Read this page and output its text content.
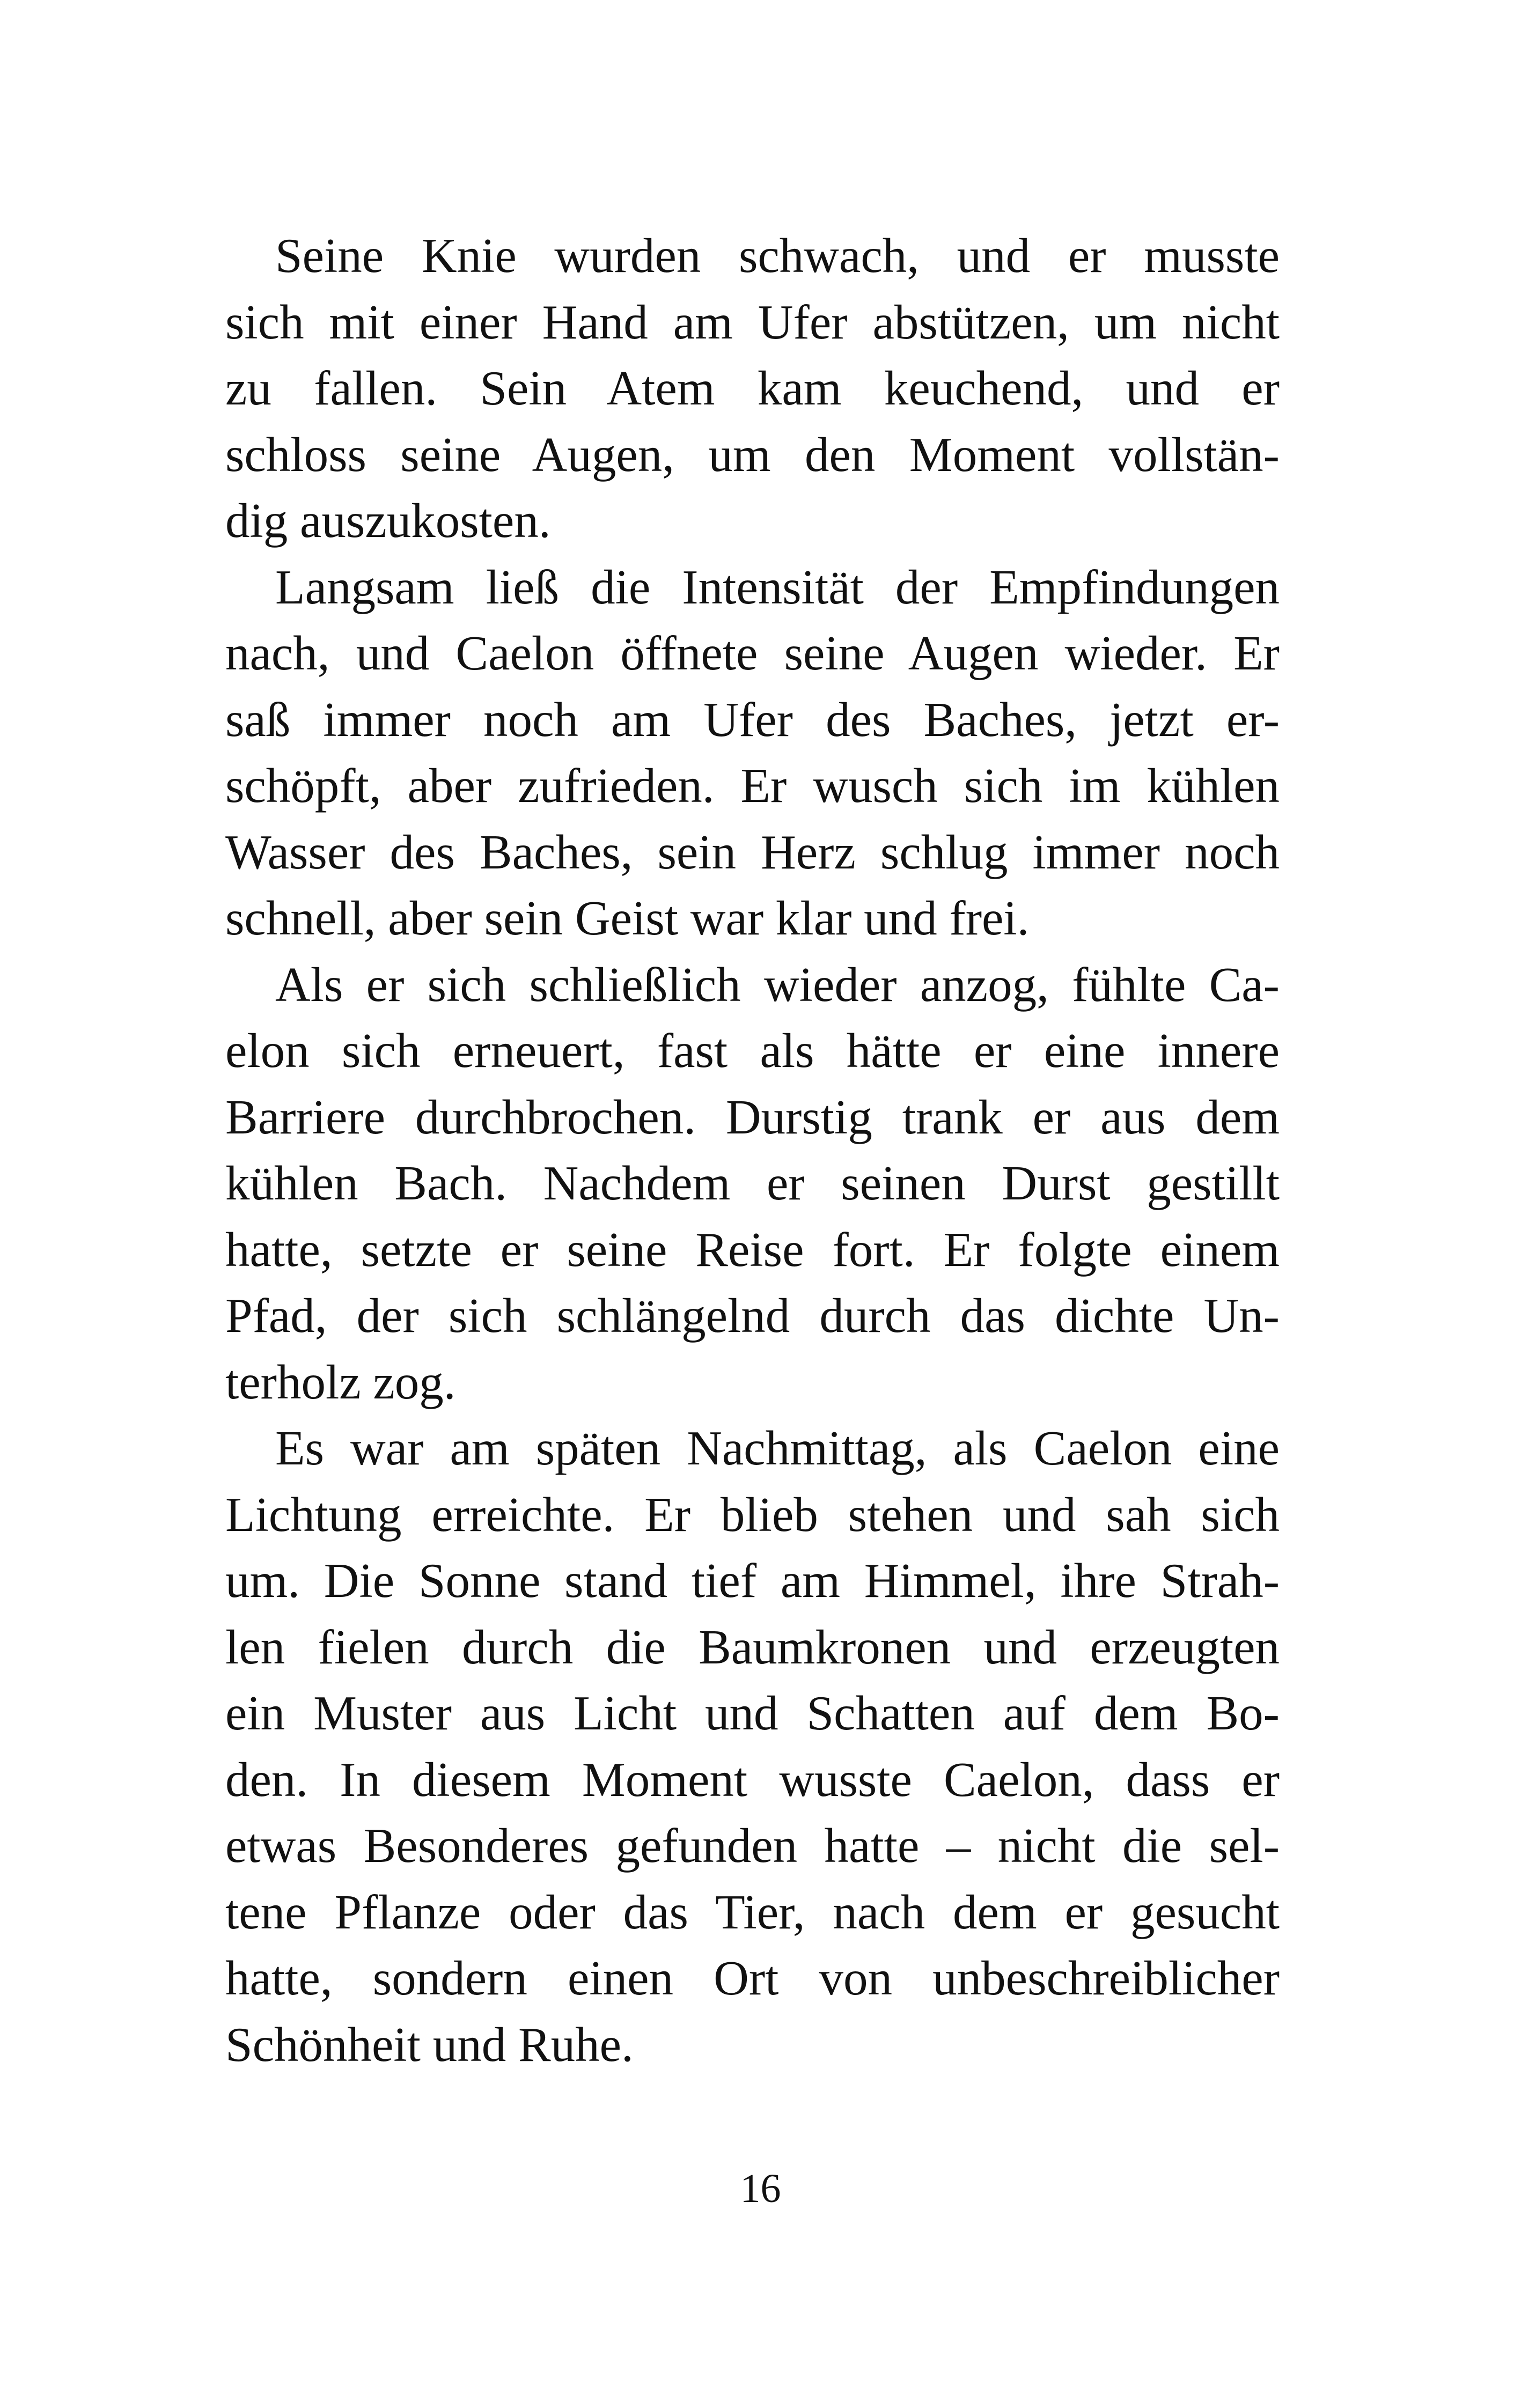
Seine Knie wurden schwach, und er musste
sich mit einer Hand am Ufer abstützen, um nicht
zu fallen. Sein Atem kam keuchend, und er
schloss seine Augen, um den Moment vollstän-
dig auszukosten.

Langsam ließ die Intensität der Empfindungen
nach, und Caelon öffnete seine Augen wieder. Er
saß immer noch am Ufer des Baches, jetzt er-
schöpft, aber zufrieden. Er wusch sich im kühlen
Wasser des Baches, sein Herz schlug immer noch
schnell, aber sein Geist war klar und frei.

Als er sich schließlich wieder anzog, fühlte Ca-
elon sich erneuert, fast als hätte er eine innere
Barriere durchbrochen. Durstig trank er aus dem
kühlen Bach. Nachdem er seinen Durst gestillt
hatte, setzte er seine Reise fort. Er folgte einem
Pfad, der sich schlängelnd durch das dichte Un-
terholz zog.

Es war am späten Nachmittag, als Caelon eine
Lichtung erreichte. Er blieb stehen und sah sich
um. Die Sonne stand tief am Himmel, ihre Strah-
len fielen durch die Baumkronen und erzeugten
ein Muster aus Licht und Schatten auf dem Bo-
den. In diesem Moment wusste Caelon, dass er
etwas Besonderes gefunden hatte – nicht die sel-
tene Pflanze oder das Tier, nach dem er gesucht
hatte, sondern einen Ort von unbeschreiblicher
Schönheit und Ruhe.

16
